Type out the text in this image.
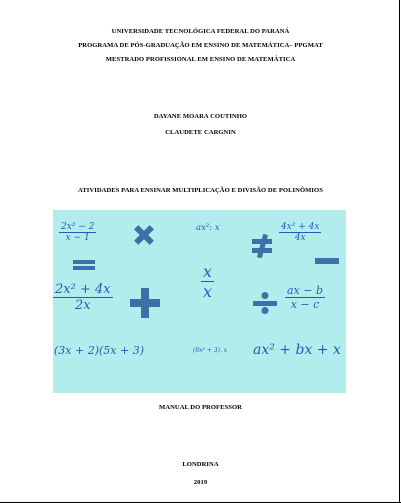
UNIVERSIDADE TECNOLÓGICA FEDERAL DO PARANÁ
PROGRAMA DE PÓS-GRADUAÇÃO EM ENSINO DE MATEMÁTICA– PPGMAT
MESTRADO PROFISSIONAL EM ENSINO DE MATEMÁTICA
DAYANE MOARA COUTINHO
CLAUDETE CARGNIN
ATIVIDADES PARA ENSINAR MULTIPLICAÇÃO E DIVISÃO DE POLINÔMIOS
$\frac{\text{2x² − 2}}{x - 1}$	ax²: x	$\frac{\text{4x² + 4x}}{4x}$
$\frac{x}{x}$
$\frac{\text{2x² + 4x}}{2x}$	$\frac{ax - b}{x - c}$
(3x + 2)(5x + 3)	(6x² + 3). x ax² + bx + x
MANUAL DO PROFESSOR
LONDRINA
2019
